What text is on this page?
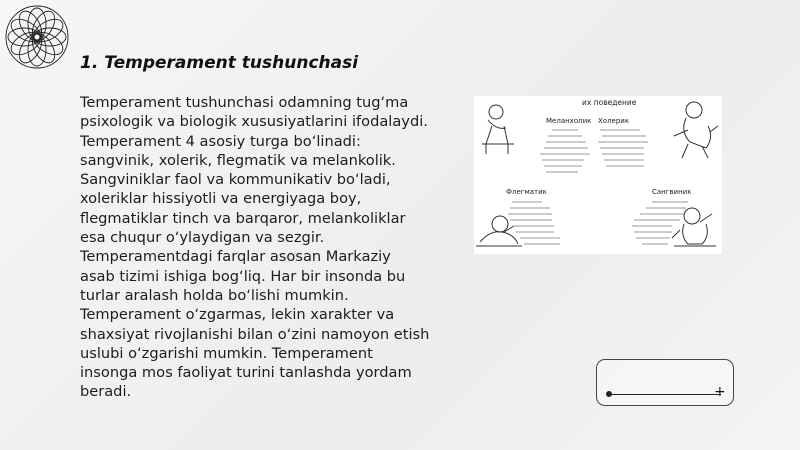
1. Temperament tushunchasi
Temperament tushunchasi odamning tug‘ma psixologik va biologik xususiyatlarini ifodalaydi. Temperament 4 asosiy turga bo‘linadi: sangvinik, xolerik, flegmatik va melankolik. Sangviniklar faol va kommunikativ bo‘ladi, xoleriklar hissiyotli va energiyaga boy, flegmatiklar tinch va barqaror, melankoliklar esa chuqur o‘ylaydigan va sezgir. Temperamentdagi farqlar asosan Markaziy asab tizimi ishiga bog‘liq. Har bir insonda bu turlar aralash holda bo‘lishi mumkin. Temperament o‘zgarmas, lekin xarakter va shaxsiyat rivojlanishi bilan o‘zini namoyon etish uslubi o‘zgarishi mumkin. Temperament insonga mos faoliyat turini tanlashda yordam beradi.
их поведение
Меланхолик Холерик
Флегматик	Сангвиник
+
